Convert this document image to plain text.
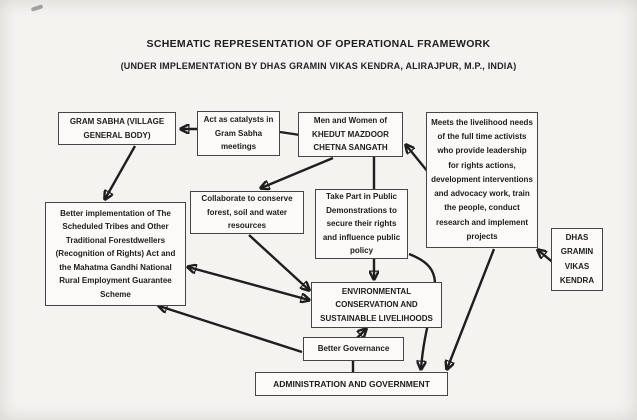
SCHEMATIC REPRESENTATION OF OPERATIONAL FRAMEWORK
(UNDER IMPLEMENTATION BY DHAS GRAMIN VIKAS KENDRA, ALIRAJPUR, M.P., INDIA)
GRAM SABHA (VILLAGE GENERAL BODY)
Act as catalysts in Gram Sabha meetings
Men and Women of KHEDUT MAZDOOR CHETNA SANGATH
Meets the livelihood needs of the full time activists who provide leadership for rights actions, development interventions and advocacy work, train the people, conduct research and implement projects	DHAS GRAMIN VIKAS KENDRA
Better implementation of The Scheduled Tribes and Other Traditional Forestdwellers (Recognition of Rights) Act and the Mahatma Gandhi National Rural Employment Guarantee Scheme
Collaborate to conserve forest, soil and water resources
Take Part in Public Demonstrations to secure their rights and influence public policy
ENVIRONMENTAL CONSERVATION AND SUSTAINABLE LIVELIHOODS
Better Governance
ADMINISTRATION AND GOVERNMENT
